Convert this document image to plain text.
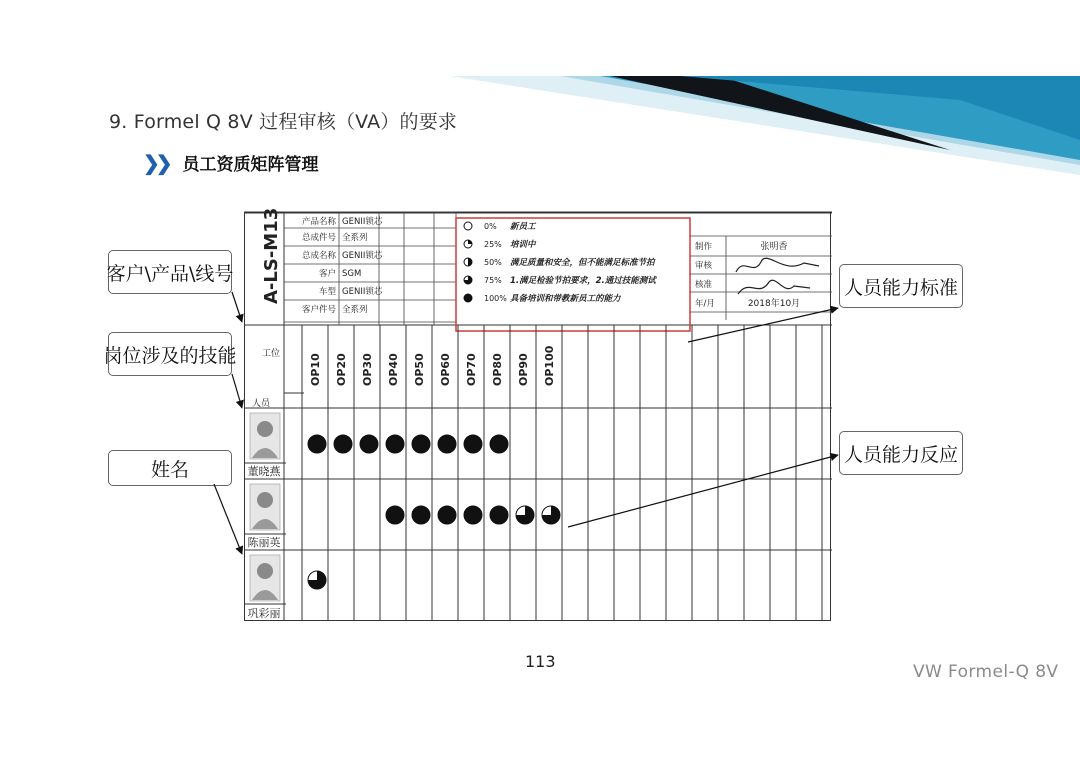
9. Formel Q 8V 过程审核（VA）的要求
❯❯ 员工资质矩阵管理
A-LS-M13 产品名称 GENII锁芯
总成件号 全系列
总成名称 GENII锁芯
客户 SGM
车型 GENII锁芯
客户件号 全系列
0% 新员工
25% 培训中
50% 满足质量和安全，但不能满足标准节拍
75% 1.满足检验节拍要求，2.通过技能测试
100% 具备培训和带教新员工的能力
制作	张明香
审核
核准
年/月	2018年10月
工位
人员
OP10 OP20 OP30 OP40 OP50 OP60 OP70 OP80 OP90 OP100
董晓燕
陈丽英
巩彩丽
客户\产品\线号
岗位涉及的技能
姓名
人员能力标准
人员能力反应
113
VW Formel-Q 8V
